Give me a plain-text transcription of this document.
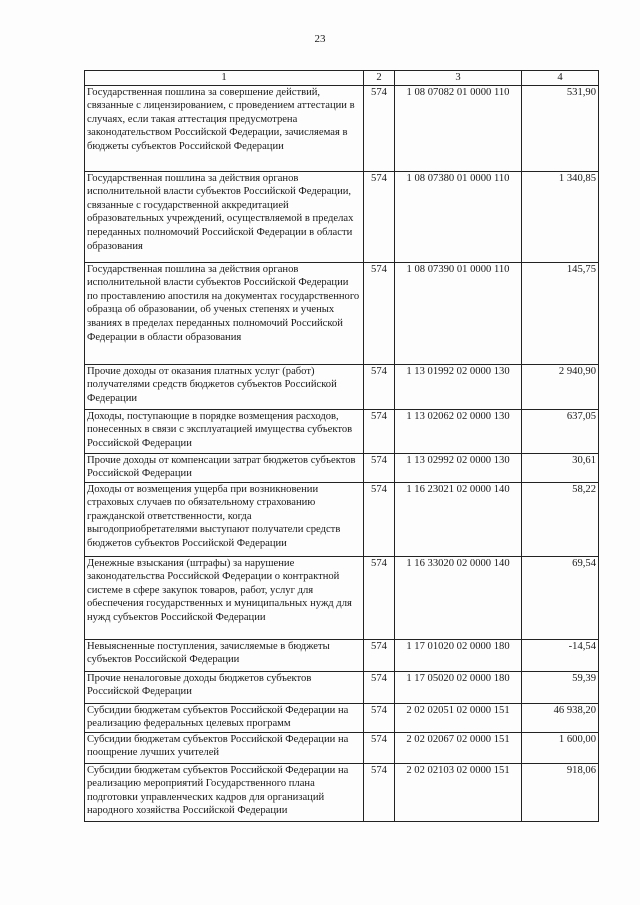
23
1	2	3	4
Государственная пошлина за совершение действий, связанные с лицензированием, с проведением аттестации в случаях, если такая аттестация предусмотрена законодательством Российской Федерации, зачисляемая в бюджеты субъектов Российской Федерации	574	1 08 07082 01 0000 110	531,90
Государственная пошлина за действия органов исполнительной власти субъектов Российской Федерации, связанные с государственной аккредитацией образовательных учреждений, осуществляемой в пределах переданных полномочий Российской Федерации в области образования	574	1 08 07380 01 0000 110	1 340,85
Государственная пошлина за действия органов исполнительной власти субъектов Российской Федерации по проставлению апостиля на документах государственного образца об образовании, об ученых степенях и ученых званиях в пределах переданных полномочий Российской Федерации в области образования	574	1 08 07390 01 0000 110	145,75
Прочие доходы от оказания платных услуг (работ) получателями средств бюджетов субъектов Российской Федерации	574	1 13 01992 02 0000 130	2 940,90
Доходы, поступающие в порядке возмещения расходов, понесенных в связи с эксплуатацией имущества субъектов Российской Федерации	574	1 13 02062 02 0000 130	637,05
Прочие доходы от компенсации затрат бюджетов субъектов Российской Федерации	574	1 13 02992 02 0000 130	30,61
Доходы от возмещения ущерба при возникновении страховых случаев по обязательному страхованию гражданской ответственности, когда выгодоприобретателями выступают получатели средств бюджетов субъектов Российской Федерации	574	1 16 23021 02 0000 140	58,22
Денежные взыскания (штрафы) за нарушение законодательства Российской Федерации о контрактной системе в сфере закупок товаров, работ, услуг для обеспечения государственных и муниципальных нужд для нужд субъектов Российской Федерации	574	1 16 33020 02 0000 140	69,54
Невыясненные поступления, зачисляемые в бюджеты субъектов Российской Федерации	574	1 17 01020 02 0000 180	-14,54
Прочие неналоговые доходы бюджетов субъектов Российской Федерации	574	1 17 05020 02 0000 180	59,39
Субсидии бюджетам субъектов Российской Федерации на реализацию федеральных целевых программ	574	2 02 02051 02 0000 151	46 938,20
Субсидии бюджетам субъектов Российской Федерации на поощрение лучших учителей	574	2 02 02067 02 0000 151	1 600,00
Субсидии бюджетам субъектов Российской Федерации на реализацию мероприятий Государственного плана подготовки управленческих кадров для организаций народного хозяйства Российской Федерации	574	2 02 02103 02 0000 151	918,06
